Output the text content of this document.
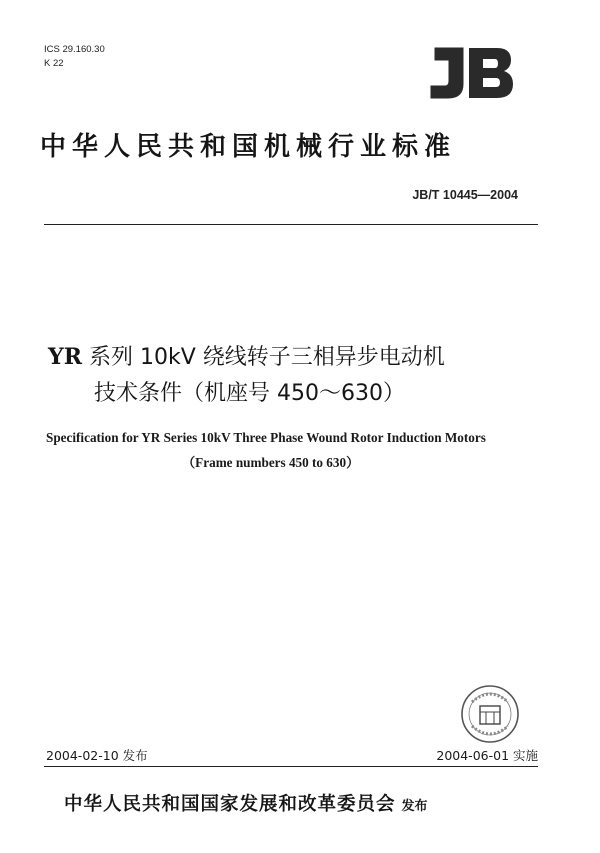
ICS 29.160.30
K 22
中华人民共和国机械行业标准
JB/T 10445—2004
YR 系列 10kV 绕线转子三相异步电动机
技术条件（机座号 450～630）
Specification for YR Series 10kV Three Phase Wound Rotor Induction Motors
（Frame numbers 450 to 630）
2004-02-10 发布	2004-06-01 实施
中华人民共和国国家发展和改革委员会 发布
